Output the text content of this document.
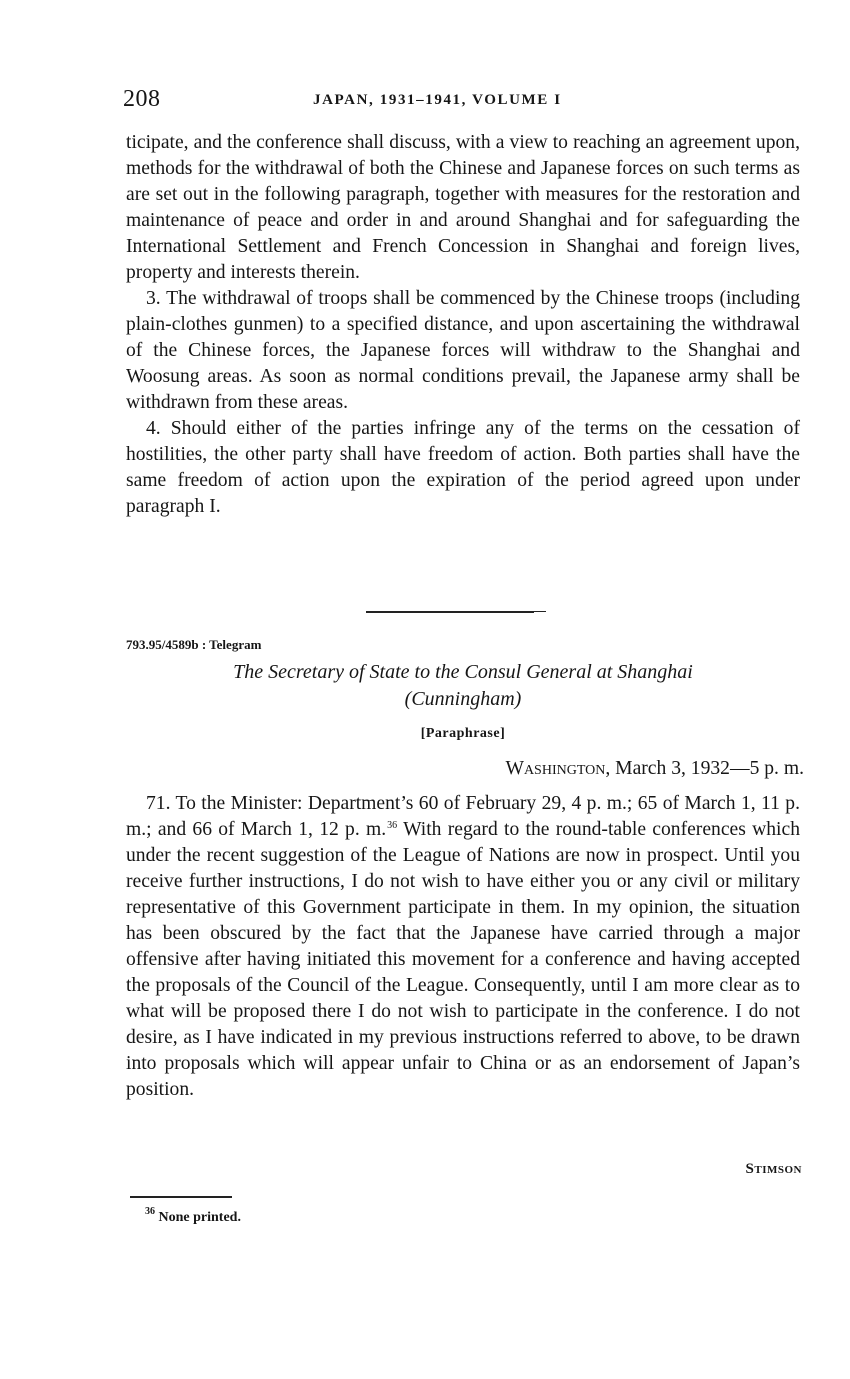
208	JAPAN, 1931–1941, VOLUME I

ticipate, and the conference shall discuss, with a view to reaching an agreement upon, methods for the withdrawal of both the Chinese and Japanese forces on such terms as are set out in the following paragraph, together with measures for the restoration and maintenance of peace and order in and around Shanghai and for safeguarding the International Settlement and French Concession in Shanghai and foreign lives, property and interests therein.

3. The withdrawal of troops shall be commenced by the Chinese troops (including plain-clothes gunmen) to a specified distance, and upon ascertaining the withdrawal of the Chinese forces, the Japanese forces will withdraw to the Shanghai and Woosung areas. As soon as normal conditions prevail, the Japanese army shall be withdrawn from these areas.

4. Should either of the parties infringe any of the terms on the cessation of hostilities, the other party shall have freedom of action. Both parties shall have the same freedom of action upon the expiration of the period agreed upon under paragraph I.

793.95/4589b : Telegram
The Secretary of State to the Consul General at Shanghai
(Cunningham)
[Paraphrase]
Washington, March 3, 1932—5 p. m.

71. To the Minister: Department’s 60 of February 29, 4 p. m.; 65 of March 1, 11 p. m.; and 66 of March 1, 12 p. m.$^{36}$ With regard to the round-table conferences which under the recent suggestion of the League of Nations are now in prospect. Until you receive further instructions, I do not wish to have either you or any civil or military representative of this Government participate in them. In my opinion, the situation has been obscured by the fact that the Japanese have carried through a major offensive after having initiated this movement for a conference and having accepted the proposals of the Council of the League. Consequently, until I am more clear as to what will be proposed there I do not wish to participate in the conference. I do not desire, as I have indicated in my previous instructions referred to above, to be drawn into proposals which will appear unfair to China or as an endorsement of Japan’s position.

Stimson
$^{36}$ None printed.
